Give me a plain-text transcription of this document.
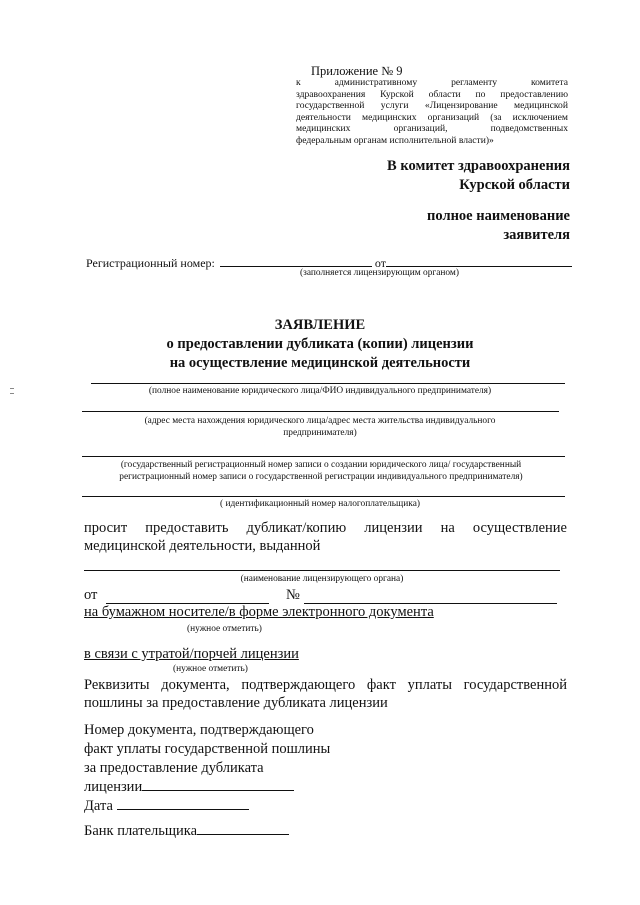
Приложение № 9
к административному регламенту комитета
здравоохранения Курской области по предоставлению
государственной услуги «Лицензирование медицинской
деятельности медицинских организаций (за исключением
медицинских организаций, подведомственных
федеральным органам исполнительной власти)»
В комитет здравоохранения
Курской области
полное наименование
заявителя
Регистрационный номер:	от
(заполняется лицензирующим органом)
ЗАЯВЛЕНИЕ
о предоставлении дубликата (копии) лицензии
на осуществление медицинской деятельности
(полное наименование юридического лица/ФИО индивидуального предпринимателя)
(адрес места нахождения юридического лица/адрес места жительства индивидуального
предпринимателя)
(государственный регистрационный номер записи о создании юридического лица/ государственный
регистрационный номер записи о государственной регистрации индивидуального предпринимателя)
( идентификационный номер налогоплательщика)
просит предоставить дубликат/копию лицензии на осуществление
медицинской деятельности, выданной
(наименование лицензирующего органа)
от	№
на бумажном носителе/в форме электронного документа
(нужное отметить)
в связи с утратой/порчей лицензии
(нужное отметить)
Реквизиты документа, подтверждающего факт уплаты государственной
пошлины за предоставление дубликата лицензии
Номер документа, подтверждающего
факт уплаты государственной пошлины
за предоставление дубликата
лицензии
Дата
Банк плательщика
